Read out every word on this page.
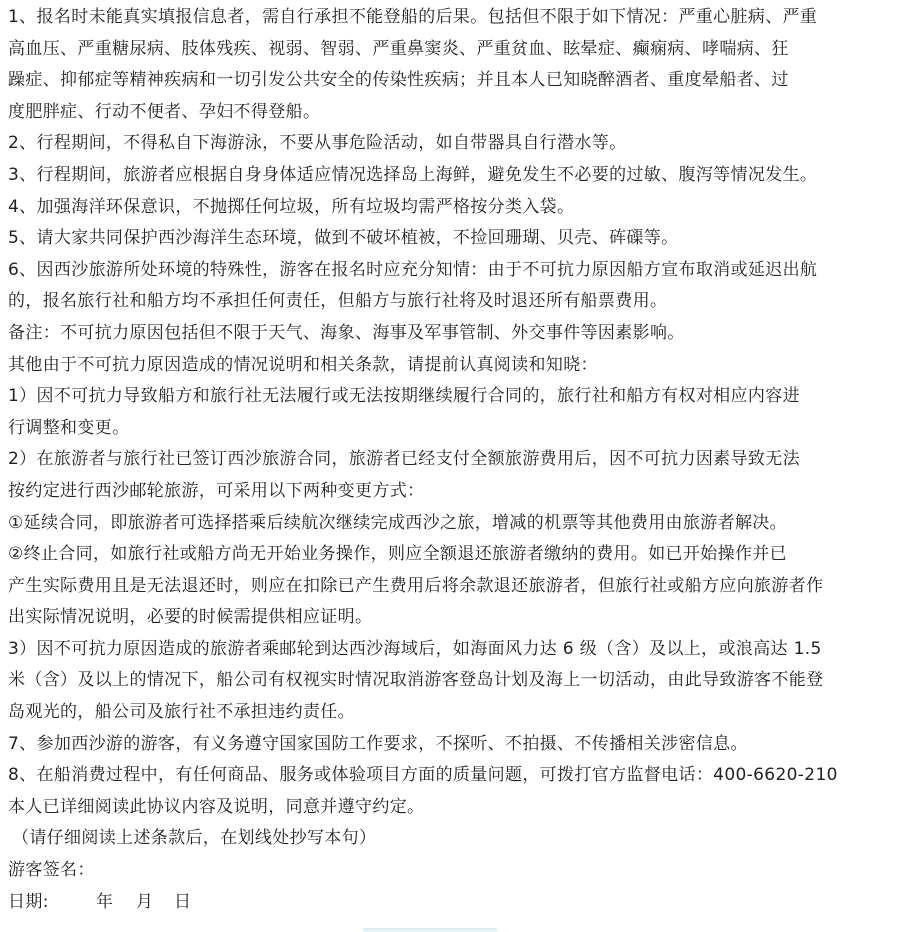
1、报名时未能真实填报信息者，需自行承担不能登船的后果。包括但不限于如下情况：严重心脏病、严重
高血压、严重糖尿病、肢体残疾、视弱、智弱、严重鼻窦炎、严重贫血、眩晕症、癫痫病、哮喘病、狂
躁症、抑郁症等精神疾病和一切引发公共安全的传染性疾病；并且本人已知晓醉酒者、重度晕船者、过
度肥胖症、行动不便者、孕妇不得登船。
2、行程期间，不得私自下海游泳，不要从事危险活动，如自带器具自行潜水等。
3、行程期间，旅游者应根据自身身体适应情况选择岛上海鲜，避免发生不必要的过敏、腹泻等情况发生。
4、加强海洋环保意识，不抛掷任何垃圾，所有垃圾均需严格按分类入袋。
5、请大家共同保护西沙海洋生态环境，做到不破坏植被，不捡回珊瑚、贝壳、砗磲等。
6、因西沙旅游所处环境的特殊性，游客在报名时应充分知情：由于不可抗力原因船方宣布取消或延迟出航
的，报名旅行社和船方均不承担任何责任，但船方与旅行社将及时退还所有船票费用。
备注：不可抗力原因包括但不限于天气、海象、海事及军事管制、外交事件等因素影响。
其他由于不可抗力原因造成的情况说明和相关条款，请提前认真阅读和知晓：
1）因不可抗力导致船方和旅行社无法履行或无法按期继续履行合同的，旅行社和船方有权对相应内容进
行调整和变更。
2）在旅游者与旅行社已签订西沙旅游合同，旅游者已经支付全额旅游费用后，因不可抗力因素导致无法
按约定进行西沙邮轮旅游，可采用以下两种变更方式：
①延续合同，即旅游者可选择搭乘后续航次继续完成西沙之旅，增减的机票等其他费用由旅游者解决。
②终止合同，如旅行社或船方尚无开始业务操作，则应全额退还旅游者缴纳的费用。如已开始操作并已
产生实际费用且是无法退还时，则应在扣除已产生费用后将余款退还旅游者，但旅行社或船方应向旅游者作
出实际情况说明，必要的时候需提供相应证明。
3）因不可抗力原因造成的旅游者乘邮轮到达西沙海域后，如海面风力达 6 级（含）及以上，或浪高达 1.5
米（含）及以上的情况下，船公司有权视实时情况取消游客登岛计划及海上一切活动，由此导致游客不能登
岛观光的，船公司及旅行社不承担违约责任。
7、参加西沙游的游客，有义务遵守国家国防工作要求，不探听、不拍摄、不传播相关涉密信息。
8、在船消费过程中，有任何商品、服务或体验项目方面的质量问题，可拨打官方监督电话：400-6620-210
本人已详细阅读此协议内容及说明，同意并遵守约定。
（请仔细阅读上述条款后，在划线处抄写本句）
游客签名：
日期:	年 月 日
